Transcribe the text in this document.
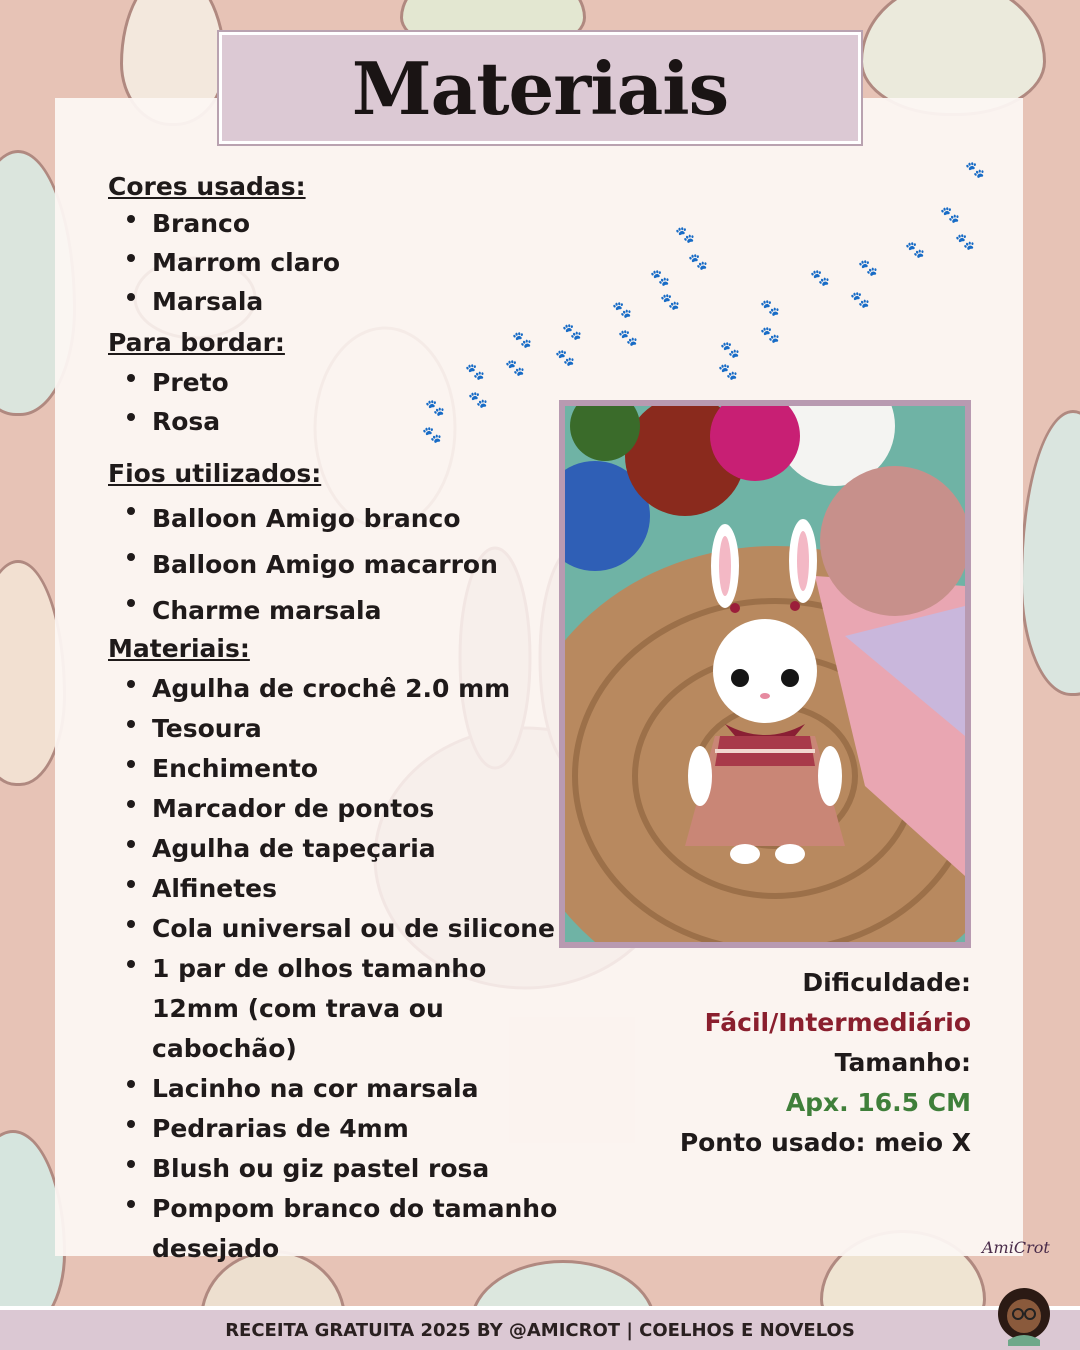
🐾
🐾
🐾
🐾
🐾
🐾
🐾
🐾
🐾
🐾
🐾
🐾
🐾
🐾
🐾
🐾
🐾
🐾
🐾
🐾
🐾
🐾
🐾
🐾
🐾
Materiais
Cores usadas:
Branco
Marrom claro
Marsala
Para bordar:
Preto
Rosa
Fios utilizados:
Balloon Amigo branco
Balloon Amigo macarron
Charme marsala
Materiais:
Agulha de crochê 2.0 mm
Tesoura
Enchimento
Marcador de pontos
Agulha de tapeçaria
Alfinetes
Cola universal ou de silicone
1 par de olhos tamanho 12mm (com trava ou cabochão)
Lacinho na cor marsala
Pedrarias de 4mm
Blush ou giz pastel rosa
Pompom branco do tamanho desejado
Dificuldade:
Fácil/Intermediário
Tamanho:
Apx. 16.5 CM
Ponto usado: meio X
RECEITA GRATUITA 2025 BY @AMICROT | COELHOS E NOVELOS
AmiCrot
